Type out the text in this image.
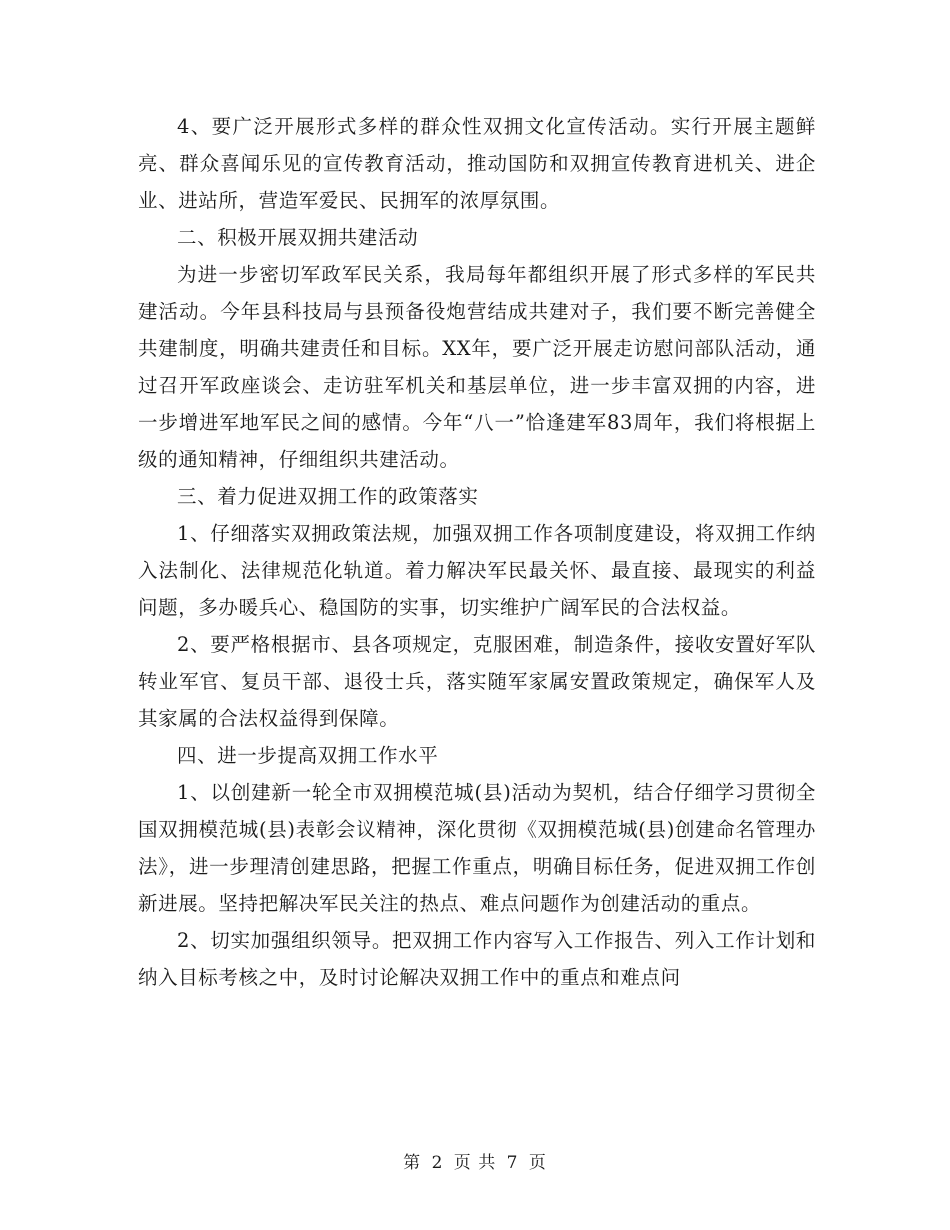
4、要广泛开展形式多样的群众性双拥文化宣传活动。实行开展主题鲜亮、群众喜闻乐见的宣传教育活动，推动国防和双拥宣传教育进机关、进企业、进站所，营造军爱民、民拥军的浓厚氛围。

二、积极开展双拥共建活动

为进一步密切军政军民关系，我局每年都组织开展了形式多样的军民共建活动。今年县科技局与县预备役炮营结成共建对子，我们要不断完善健全共建制度，明确共建责任和目标。XX年，要广泛开展走访慰问部队活动，通过召开军政座谈会、走访驻军机关和基层单位，进一步丰富双拥的内容，进一步增进军地军民之间的感情。今年“八一”恰逢建军83周年，我们将根据上级的通知精神，仔细组织共建活动。

三、着力促进双拥工作的政策落实

1、仔细落实双拥政策法规，加强双拥工作各项制度建设，将双拥工作纳入法制化、法律规范化轨道。着力解决军民最关怀、最直接、最现实的利益问题，多办暖兵心、稳国防的实事，切实维护广阔军民的合法权益。

2、要严格根据市、县各项规定，克服困难，制造条件，接收安置好军队转业军官、复员干部、退役士兵，落实随军家属安置政策规定，确保军人及其家属的合法权益得到保障。

四、进一步提高双拥工作水平

1、以创建新一轮全市双拥模范城(县)活动为契机，结合仔细学习贯彻全国双拥模范城(县)表彰会议精神，深化贯彻《双拥模范城(县)创建命名管理办法》，进一步理清创建思路，把握工作重点，明确目标任务，促进双拥工作创新进展。坚持把解决军民关注的热点、难点问题作为创建活动的重点。

2、切实加强组织领导。把双拥工作内容写入工作报告、列入工作计划和纳入目标考核之中，及时讨论解决双拥工作中的重点和难点问

第 2 页 共 7 页
